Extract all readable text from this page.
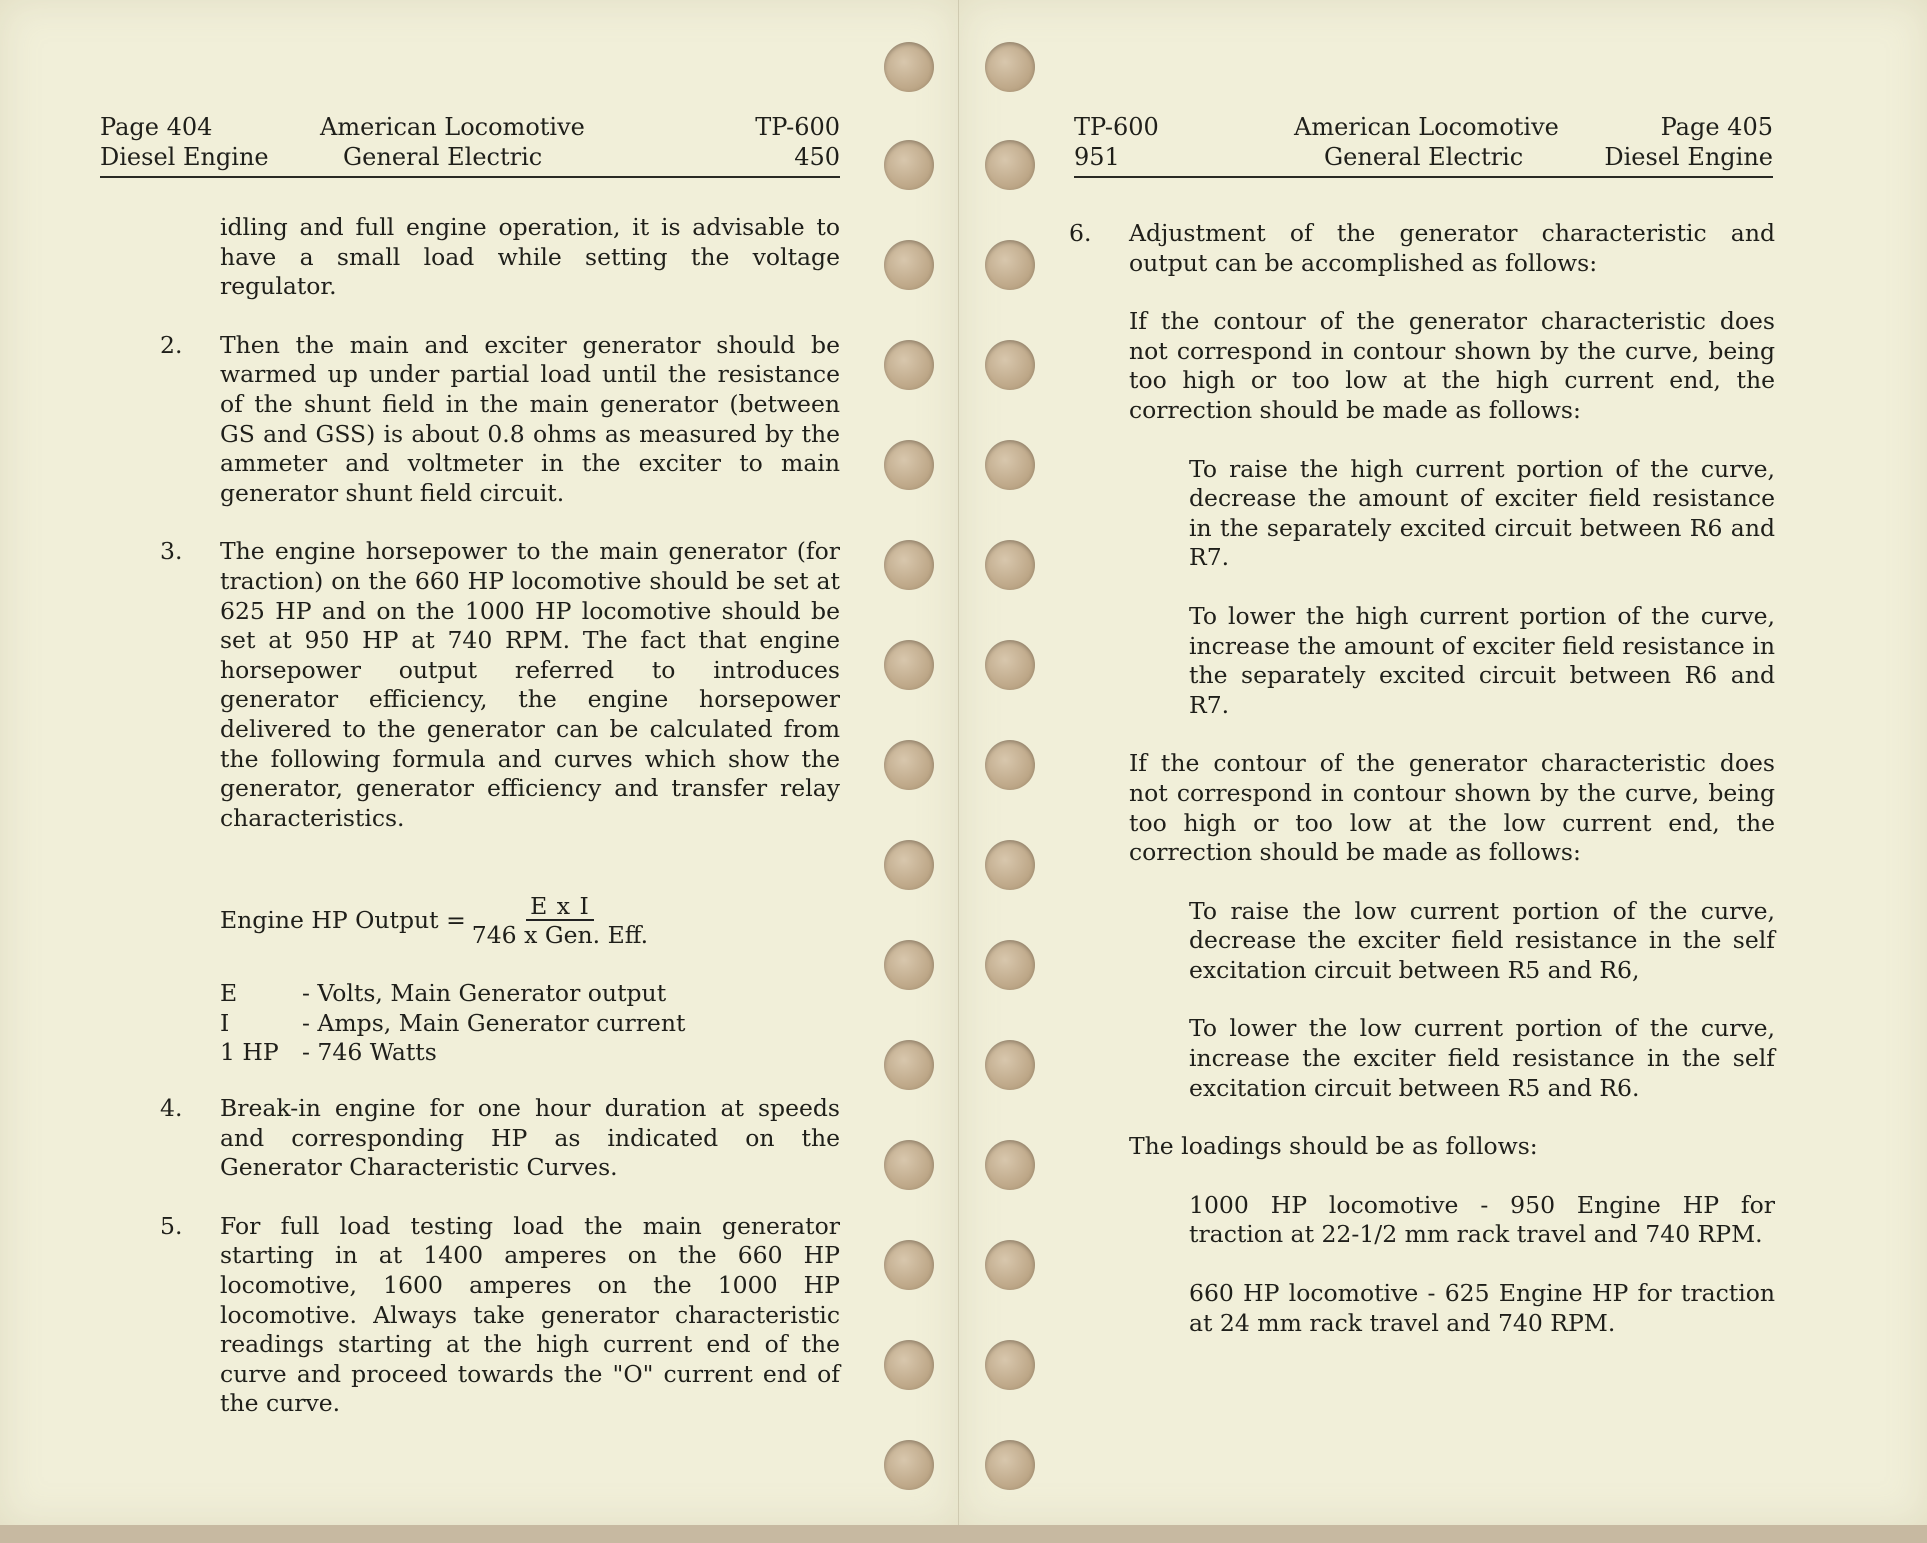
Page 404	American Locomotive	TP-600
Diesel Engine	General Electric	450

idling and full engine operation, it is advisable to have a small load while setting the voltage regulator.

2. Then the main and exciter generator should be warmed up under partial load until the resistance of the shunt field in the main generator (between GS and GSS) is about 0.8 ohms as measured by the ammeter and voltmeter in the exciter to main generator shunt field circuit.
3. The engine horsepower to the main generator (for traction) on the 660 HP locomotive should be set at 625 HP and on the 1000 HP locomotive should be set at 950 HP at 740 RPM. The fact that engine horsepower output referred to introduces generator efficiency, the engine horsepower delivered to the generator can be calculated from the following formula and curves which show the generator, generator efficiency and transfer relay characteristics.
Engine HP Output = $\frac{\text{E x I}}{\text{746 x Gen. Eff.}}$
E	- Volts, Main Generator output
I	- Amps, Main Generator current
1 HP - 746 Watts
4. Break-in engine for one hour duration at speeds and corresponding HP as indicated on the Generator Characteristic Curves.
5. For full load testing load the main generator starting in at 1400 amperes on the 660 HP locomotive, 1600 amperes on the 1000 HP locomotive. Always take generator characteristic readings starting at the high current end of the curve and proceed towards the "O" current end of the curve.
TP-600	American Locomotive	Page 405
951	General Electric	Diesel Engine
6. Adjustment of the generator characteristic and output can be accomplished as follows:

If the contour of the generator characteristic does not correspond in contour shown by the curve, being too high or too low at the high current end, the correction should be made as follows:

To raise the high current portion of the curve, decrease the amount of exciter field resistance in the separately excited circuit between R6 and R7.

To lower the high current portion of the curve, increase the amount of exciter field resistance in the separately excited circuit between R6 and R7.

If the contour of the generator characteristic does not correspond in contour shown by the curve, being too high or too low at the low current end, the correction should be made as follows:

To raise the low current portion of the curve, decrease the exciter field resistance in the self excitation circuit between R5 and R6,

To lower the low current portion of the curve, increase the exciter field resistance in the self excitation circuit between R5 and R6.

The loadings should be as follows:

1000 HP locomotive - 950 Engine HP for traction at 22-1/2 mm rack travel and 740 RPM.

660 HP locomotive - 625 Engine HP for traction at 24 mm rack travel and 740 RPM.
